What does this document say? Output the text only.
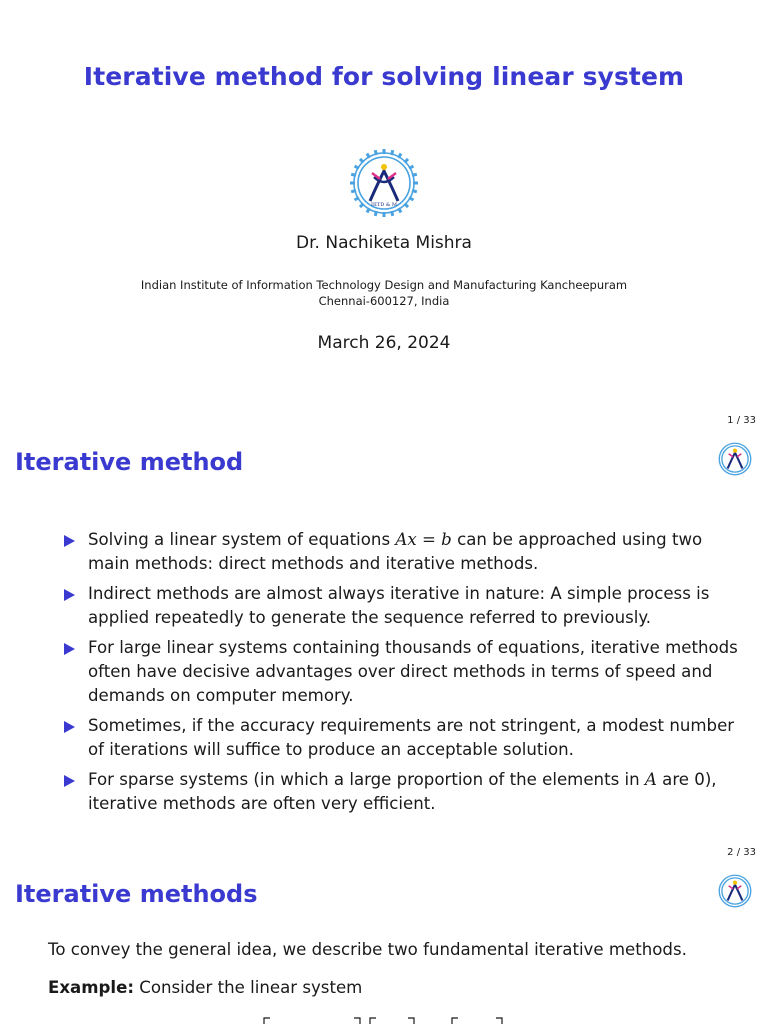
Iterative method for solving linear system
IIITD & M
Dr. Nachiketa Mishra
Indian Institute of Information Technology Design and Manufacturing Kancheepuram
Chennai-600127, India
March 26, 2024
1 / 33
Iterative method
Solving a linear system of equations Ax = b can be approached using two main methods: direct methods and iterative methods.
Indirect methods are almost always iterative in nature: A simple process is applied repeatedly to generate the sequence referred to previously.
For large linear systems containing thousands of equations, iterative methods often have decisive advantages over direct methods in terms of speed and demands on computer memory.
Sometimes, if the accuracy requirements are not stringent, a modest number of iterations will suffice to produce an acceptable solution.
For sparse systems (in which a large proportion of the elements in A are 0), iterative methods are often very efficient.
2 / 33
Iterative methods

To convey the general idea, we describe two fundamental iterative methods.

Example: Consider the linear system
